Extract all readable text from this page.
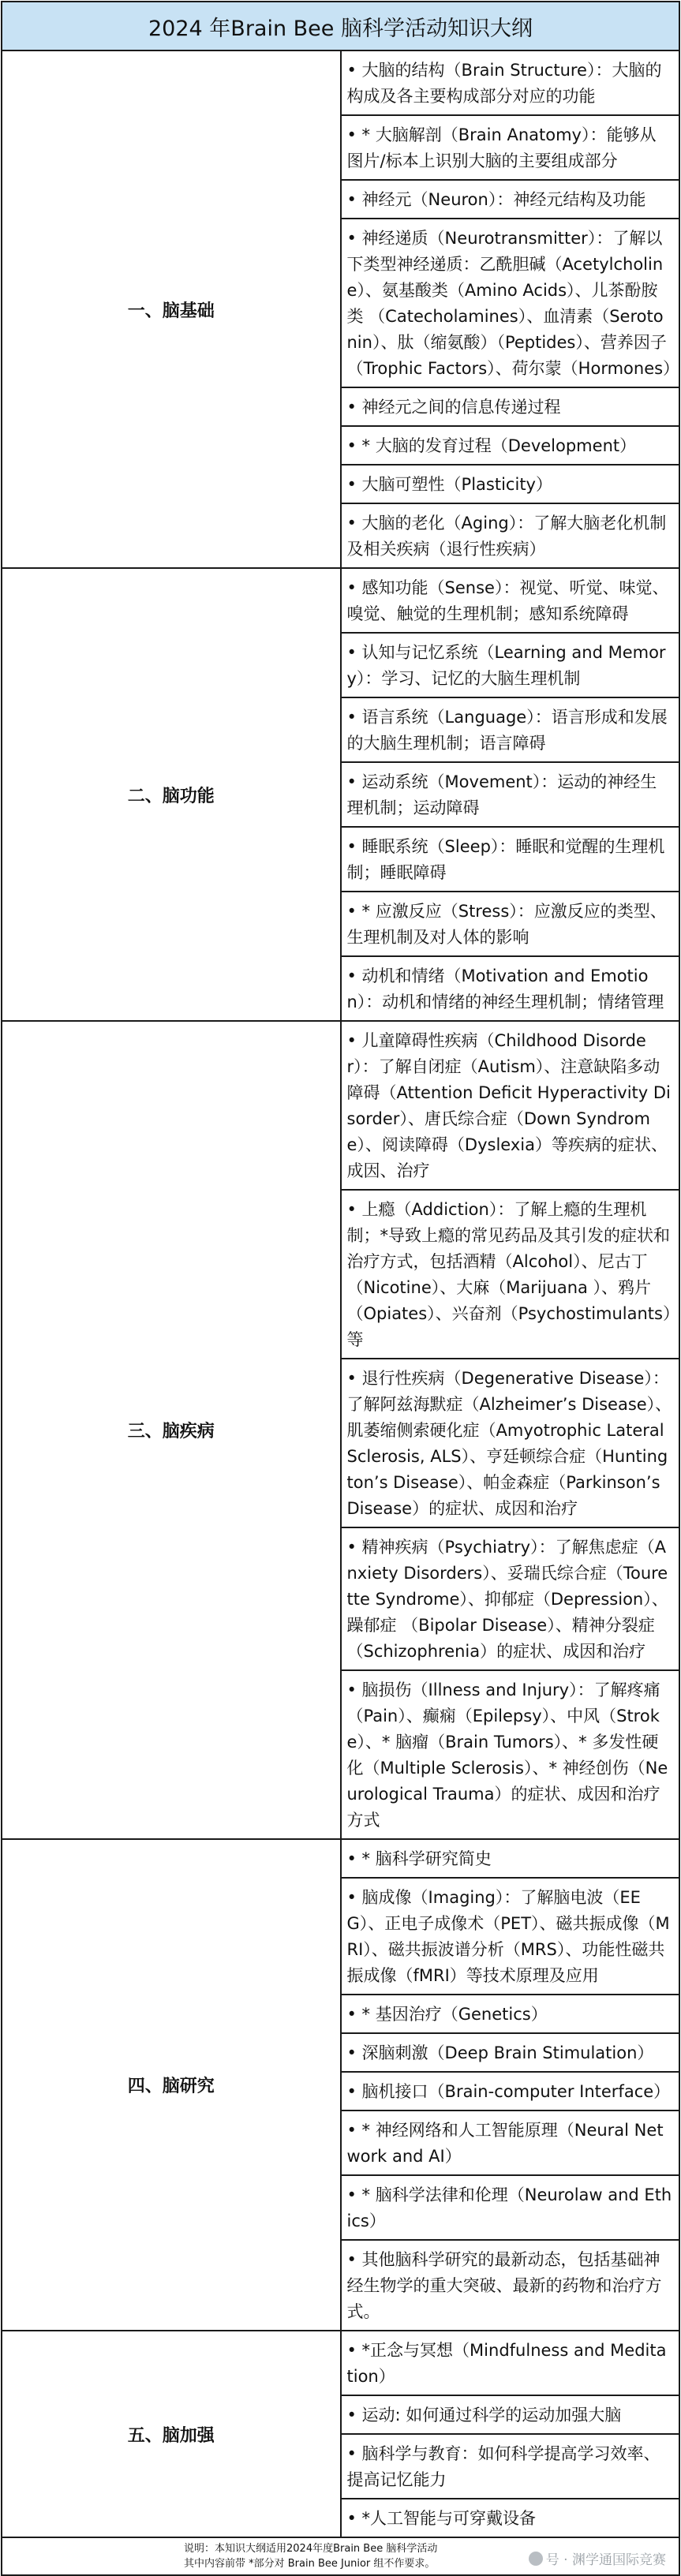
2024 年Brain Bee 脑科学活动知识大纲	
一、脑基础	• 大脑的结构（Brain Structure）：大脑的构成及各主要构成部分对应的功能
	• * 大脑解剖（Brain Anatomy）：能够从图片/标本上识别大脑的主要组成部分
	• 神经元（Neuron）：神经元结构及功能
	• 神经递质（Neurotransmitter）：了解以下类型神经递质：乙酰胆碱（Acetylcholine）、氨基酸类（Amino Acids）、儿茶酚胺类 （Catecholamines）、血清素（Serotonin）、肽（缩氨酸）（Peptides）、营养因子（Trophic Factors）、荷尔蒙（Hormones）
	• 神经元之间的信息传递过程
	• * 大脑的发育过程（Development）
	• 大脑可塑性（Plasticity）
	• 大脑的老化（Aging）：了解大脑老化机制及相关疾病（退行性疾病）
二、脑功能	• 感知功能（Sense）：视觉、听觉、味觉、嗅觉、触觉的生理机制；感知系统障碍
	• 认知与记忆系统（Learning and Memory）：学习、记忆的大脑生理机制
	• 语言系统（Language）：语言形成和发展的大脑生理机制；语言障碍
	• 运动系统（Movement）：运动的神经生理机制；运动障碍
	• 睡眠系统（Sleep）：睡眠和觉醒的生理机制；睡眠障碍
	• * 应激反应（Stress）：应激反应的类型、生理机制及对人体的影响
	• 动机和情绪（Motivation and Emotion）：动机和情绪的神经生理机制；情绪管理
三、脑疾病	• 儿童障碍性疾病（Childhood Disorder）：了解自闭症（Autism）、注意缺陷多动障碍（Attention Deficit Hyperactivity Disorder）、唐氏综合症（Down Syndrome）、阅读障碍（Dyslexia）等疾病的症状、成因、治疗
	• 上瘾（Addiction）：了解上瘾的生理机制；*导致上瘾的常见药品及其引发的症状和治疗方式，包括酒精（Alcohol）、尼古丁（Nicotine）、大麻（Marijuana ）、鸦片（Opiates）、兴奋剂（Psychostimulants）等
	• 退行性疾病（Degenerative Disease）：了解阿兹海默症（Alzheimer’s Disease）、肌萎缩侧索硬化症（Amyotrophic Lateral Sclerosis, ALS）、亨廷顿综合症（Huntington’s Disease）、帕金森症（Parkinson’s Disease）的症状、成因和治疗
	• 精神疾病（Psychiatry）：了解焦虑症（Anxiety Disorders）、妥瑞氏综合症（Tourette Syndrome）、抑郁症（Depression）、躁郁症 （Bipolar Disease）、精神分裂症（Schizophrenia）的症状、成因和治疗
	• 脑损伤（Illness and Injury）：了解疼痛（Pain）、癫痫（Epilepsy）、中风（Stroke）、* 脑瘤（Brain Tumors）、* 多发性硬化（Multiple Sclerosis）、* 神经创伤（Neurological Trauma）的症状、成因和治疗方式
四、脑研究	• * 脑科学研究简史
	• 脑成像（Imaging）：了解脑电波（EEG）、正电子成像术（PET）、磁共振成像（MRI）、磁共振波谱分析（MRS）、功能性磁共振成像（fMRI）等技术原理及应用
	• * 基因治疗（Genetics）
	• 深脑刺激（Deep Brain Stimulation）
	• 脑机接口（Brain-computer Interface）
	• * 神经网络和人工智能原理（Neural Network and AI）
	• * 脑科学法律和伦理（Neurolaw and Ethics）
	• 其他脑科学研究的最新动态，包括基础神经生物学的重大突破、最新的药物和治疗方式。
五、脑加强	• *正念与冥想（Mindfulness and Meditation）
	• 运动: 如何通过科学的运动加强大脑
	• 脑科学与教育：如何科学提高学习效率、提高记忆能力
	• *人工智能与可穿戴设备

说明：本知识大纲适用2024年度Brain Bee 脑科学活动
其中内容前带 *部分对 Brain Bee Junior 组不作要求。		号 · 渊学通国际竞赛
